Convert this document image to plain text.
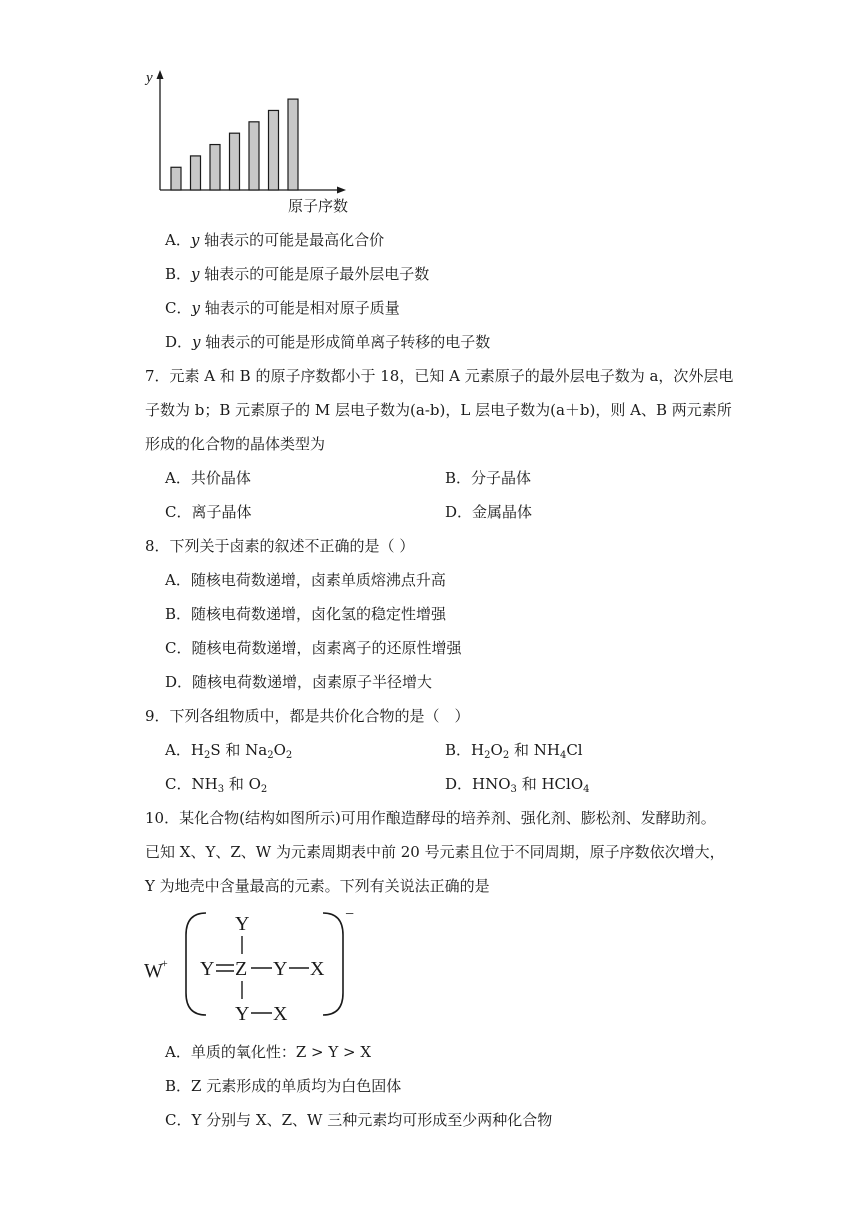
y
原子序数
A．y 轴表示的可能是最高化合价
B．y 轴表示的可能是原子最外层电子数
C．y 轴表示的可能是相对原子质量
D．y 轴表示的可能是形成简单离子转移的电子数
7．元素 A 和 B 的原子序数都小于 18，已知 A 元素原子的最外层电子数为 a，次外层电
子数为 b；B 元素原子的 M 层电子数为(a-b)，L 层电子数为(a＋b)，则 A、B 两元素所
形成的化合物的晶体类型为
A．共价晶体	B．分子晶体
C．离子晶体	D．金属晶体
8．下列关于卤素的叙述不正确的是（ ）
A．随核电荷数递增，卤素单质熔沸点升高
B．随核电荷数递增，卤化氢的稳定性增强
C．随核电荷数递增，卤素离子的还原性增强
D．随核电荷数递增，卤素原子半径增大
9．下列各组物质中，都是共价化合物的是（　）
A．$H_2S$ 和 $Na_2O_2$	B．$H_2O_2$ 和 $NH_4Cl$
C．$NH_3$ 和 $O_2$	D．$HNO_3$ 和 HClO$_4$
10．某化合物(结构如图所示)可用作酿造酵母的培养剂、强化剂、膨松剂、发酵助剂。
已知 X、Y、Z、W 为元素周期表中前 20 号元素且位于不同周期，原子序数依次增大，
Y 为地壳中含量最高的元素。下列有关说法正确的是
W
+
−
Y
Y Z Y X
Y X
A．单质的氧化性：Z > Y > X
B．Z 元素形成的单质均为白色固体
C．Y 分别与 X、Z、W 三种元素均可形成至少两种化合物
